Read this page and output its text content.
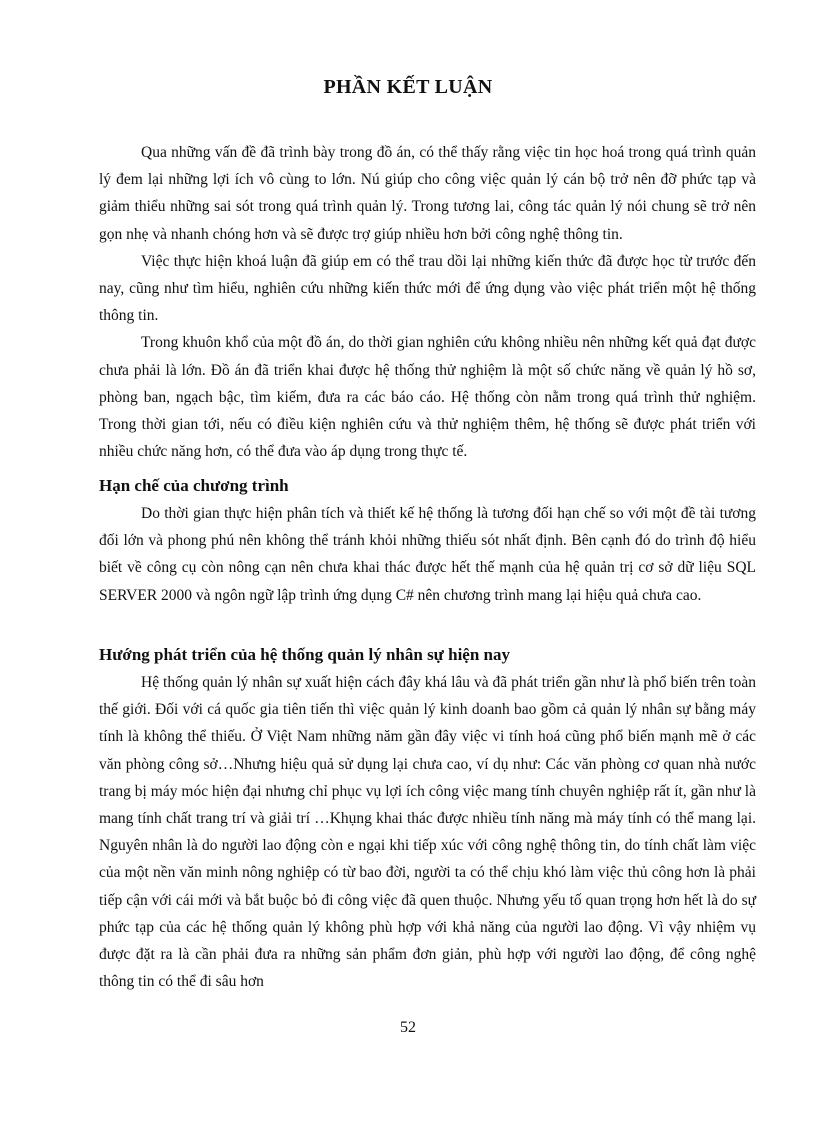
PHẦN KẾT LUẬN

Qua những vấn đề đã trình bày trong đồ án, có thể thấy rằng việc tin học hoá trong quá trình quản lý đem lại những lợi ích vô cùng to lớn. Nú giúp cho công việc quản lý cán bộ trở nên đỡ phức tạp và giảm thiểu những sai sót trong quá trình quản lý. Trong tương lai, công tác quản lý nói chung sẽ trở nên gọn nhẹ và nhanh chóng hơn và sẽ được trợ giúp nhiều hơn bởi công nghệ thông tin.

Việc thực hiện khoá luận đã giúp em có thể trau dồi lại những kiến thức đã được học từ trước đến nay, cũng như tìm hiểu, nghiên cứu những kiến thức mới để ứng dụng vào việc phát triển một hệ thống thông tin.

Trong khuôn khổ của một đồ án, do thời gian nghiên cứu không nhiều nên những kết quả đạt được chưa phải là lớn. Đồ án đã triển khai được hệ thống thử nghiệm là một số chức năng về quản lý hồ sơ, phòng ban, ngạch bậc, tìm kiếm, đưa ra các báo cáo. Hệ thống còn nằm trong quá trình thử nghiệm. Trong thời gian tới, nếu có điều kiện nghiên cứu và thử nghiệm thêm, hệ thống sẽ được phát triển với nhiều chức năng hơn, có thể đưa vào áp dụng trong thực tế.

Hạn chế của chương trình

Do thời gian thực hiện phân tích và thiết kế hệ thống là tương đối hạn chế so với một đề tài tương đối lớn và phong phú nên không thể tránh khỏi những thiếu sót nhất định. Bên cạnh đó do trình độ hiểu biết về công cụ còn nông cạn nên chưa khai thác được hết thế mạnh của hệ quản trị cơ sở dữ liệu SQL SERVER 2000 và ngôn ngữ lập trình ứng dụng C# nên chương trình mang lại hiệu quả chưa cao.

Hướng phát triển của hệ thống quản lý nhân sự hiện nay

Hệ thống quản lý nhân sự xuất hiện cách đây khá lâu và đã phát triển gần như là phổ biến trên toàn thế giới. Đối với cá quốc gia tiên tiến thì việc quản lý kinh doanh bao gồm cả quản lý nhân sự bằng máy tính là không thể thiếu. Ở Việt Nam những năm gần đây việc vi tính hoá cũng phổ biến mạnh mẽ ở các văn phòng công sở…Nhưng hiệu quả sử dụng lại chưa cao, ví dụ như: Các văn phòng cơ quan nhà nước trang bị máy móc hiện đại nhưng chỉ phục vụ lợi ích công việc mang tính chuyên nghiệp rất ít, gần như là mang tính chất trang trí và giải trí …Khụng khai thác được nhiều tính năng mà máy tính có thể mang lại. Nguyên nhân là do người lao động còn e ngại khi tiếp xúc với công nghệ thông tin, do tính chất làm việc của một nền văn minh nông nghiệp có từ bao đời, người ta có thể chịu khó làm việc thủ công hơn là phải tiếp cận với cái mới và bắt buộc bỏ đi công việc đã quen thuộc. Nhưng yếu tố quan trọng hơn hết là do sự phức tạp của các hệ thống quản lý không phù hợp với khả năng của người lao động. Vì vậy nhiệm vụ được đặt ra là cần phải đưa ra những sản phẩm đơn giản, phù hợp với người lao động, để công nghệ thông tin có thể đi sâu hơn

52
